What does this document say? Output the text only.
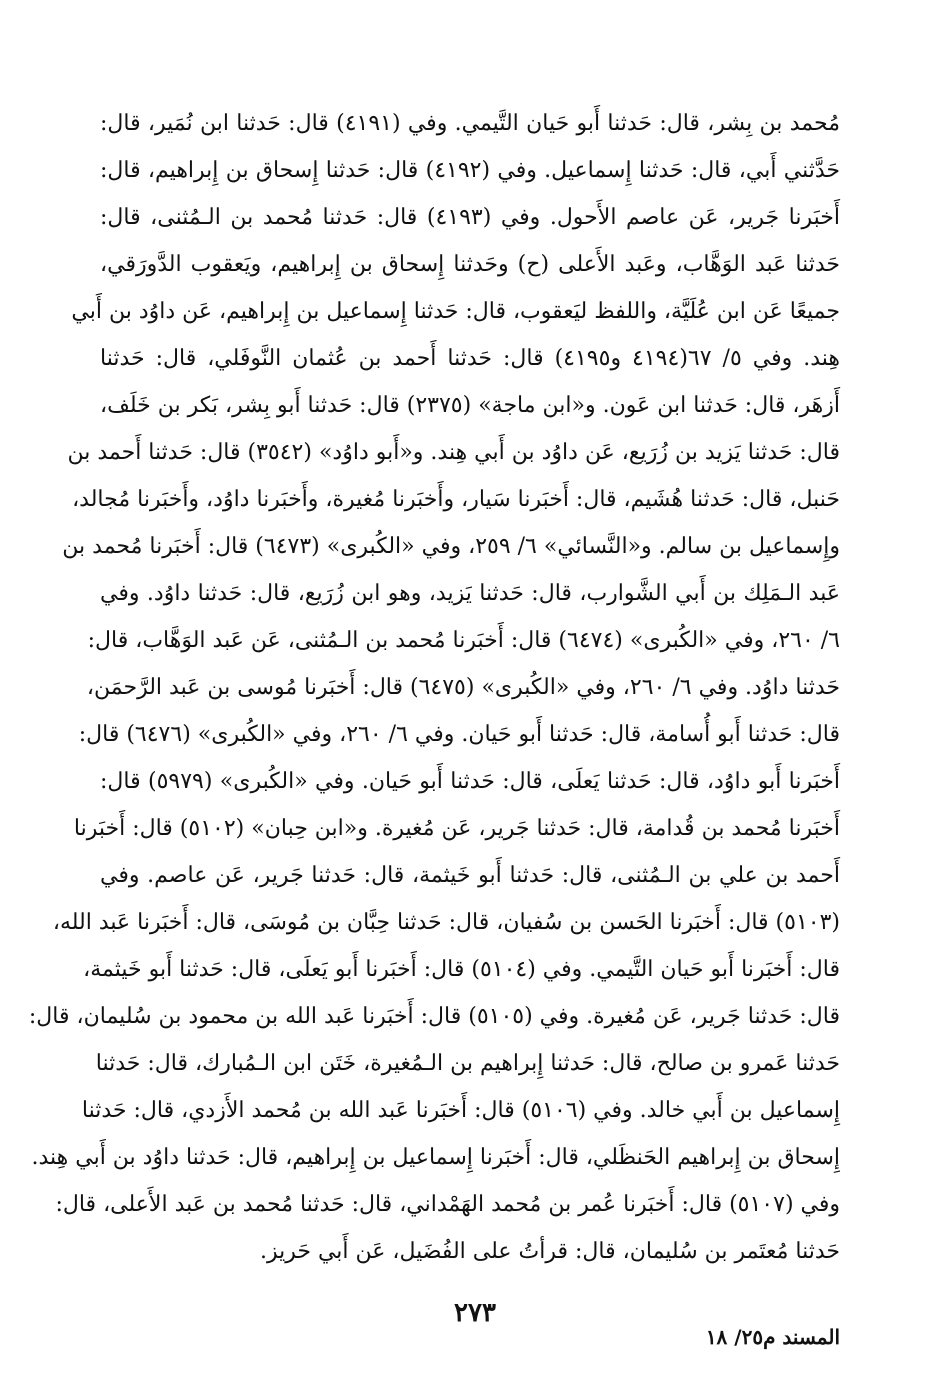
مُحمد بن بِشر، قال: حَدثنا أَبو حَيان التَّيمي. وفي (٤١٩١) قال: حَدثنا ابن نُمَير، قال:
حَدَّثني أَبي، قال: حَدثنا إِسماعيل. وفي (٤١٩٢) قال: حَدثنا إِسحاق بن إِبراهيم، قال:
أَخبَرنا جَرير، عَن عاصم الأَحول. وفي (٤١٩٣) قال: حَدثنا مُحمد بن الـمُثنى، قال:
حَدثنا عَبد الوَهَّاب، وعَبد الأَعلى (ح) وحَدثنا إِسحاق بن إِبراهيم، ويَعقوب الدَّورَقي،
جميعًا عَن ابن عُلَيَّة، واللفظ ليَعقوب، قال: حَدثنا إِسماعيل بن إِبراهيم، عَن داوُد بن أَبي
هِند. وفي ٥/ ٦٧(٤١٩٤ و٤١٩٥) قال: حَدثنا أَحمد بن عُثمان النَّوفَلي، قال: حَدثنا
أَزهَر، قال: حَدثنا ابن عَون. و«ابن ماجة» (٢٣٧٥) قال: حَدثنا أَبو بِشر، بَكر بن خَلَف،
قال: حَدثنا يَزيد بن زُرَيع، عَن داوُد بن أَبي هِند. و«أَبو داوُد» (٣٥٤٢) قال: حَدثنا أَحمد بن
حَنبل، قال: حَدثنا هُشَيم، قال: أَخبَرنا سَيار، وأَخبَرنا مُغيرة، وأَخبَرنا داوُد، وأَخبَرنا مُجالد،
وإِسماعيل بن سالم. و«النَّسائي» ٦/ ٢٥٩، وفي «الكُبرى» (٦٤٧٣) قال: أَخبَرنا مُحمد بن
عَبد الـمَلِك بن أَبي الشَّوارب، قال: حَدثنا يَزيد، وهو ابن زُرَيع، قال: حَدثنا داوُد. وفي
٦/ ٢٦٠، وفي «الكُبرى» (٦٤٧٤) قال: أَخبَرنا مُحمد بن الـمُثنى، عَن عَبد الوَهَّاب، قال:
حَدثنا داوُد. وفي ٦/ ٢٦٠، وفي «الكُبرى» (٦٤٧٥) قال: أَخبَرنا مُوسى بن عَبد الرَّحمَن،
قال: حَدثنا أَبو أُسامة، قال: حَدثنا أَبو حَيان. وفي ٦/ ٢٦٠، وفي «الكُبرى» (٦٤٧٦) قال:
أَخبَرنا أَبو داوُد، قال: حَدثنا يَعلَى، قال: حَدثنا أَبو حَيان. وفي «الكُبرى» (٥٩٧٩) قال:
أَخبَرنا مُحمد بن قُدامة، قال: حَدثنا جَرير، عَن مُغيرة. و«ابن حِبان» (٥١٠٢) قال: أَخبَرنا
أَحمد بن علي بن الـمُثنى، قال: حَدثنا أَبو خَيثمة، قال: حَدثنا جَرير، عَن عاصم. وفي
(٥١٠٣) قال: أَخبَرنا الحَسن بن سُفيان، قال: حَدثنا حِبَّان بن مُوسَى، قال: أَخبَرنا عَبد الله،
قال: أَخبَرنا أَبو حَيان التَّيمي. وفي (٥١٠٤) قال: أَخبَرنا أَبو يَعلَى، قال: حَدثنا أَبو خَيثمة،
قال: حَدثنا جَرير، عَن مُغيرة. وفي (٥١٠٥) قال: أَخبَرنا عَبد الله بن محمود بن سُليمان، قال:
حَدثنا عَمرو بن صالح، قال: حَدثنا إِبراهيم بن الـمُغيرة، خَتَن ابن الـمُبارك، قال: حَدثنا
إِسماعيل بن أَبي خالد. وفي (٥١٠٦) قال: أَخبَرنا عَبد الله بن مُحمد الأَزدي، قال: حَدثنا
إِسحاق بن إِبراهيم الحَنظَلي، قال: أَخبَرنا إِسماعيل بن إِبراهيم، قال: حَدثنا داوُد بن أَبي هِند.
وفي (٥١٠٧) قال: أَخبَرنا عُمر بن مُحمد الهَمْداني، قال: حَدثنا مُحمد بن عَبد الأَعلى، قال:
حَدثنا مُعتَمر بن سُليمان، قال: قرأتُ على الفُضَيل، عَن أَبي حَريز.
٢٧٣
المسند م٢٥/ ١٨
